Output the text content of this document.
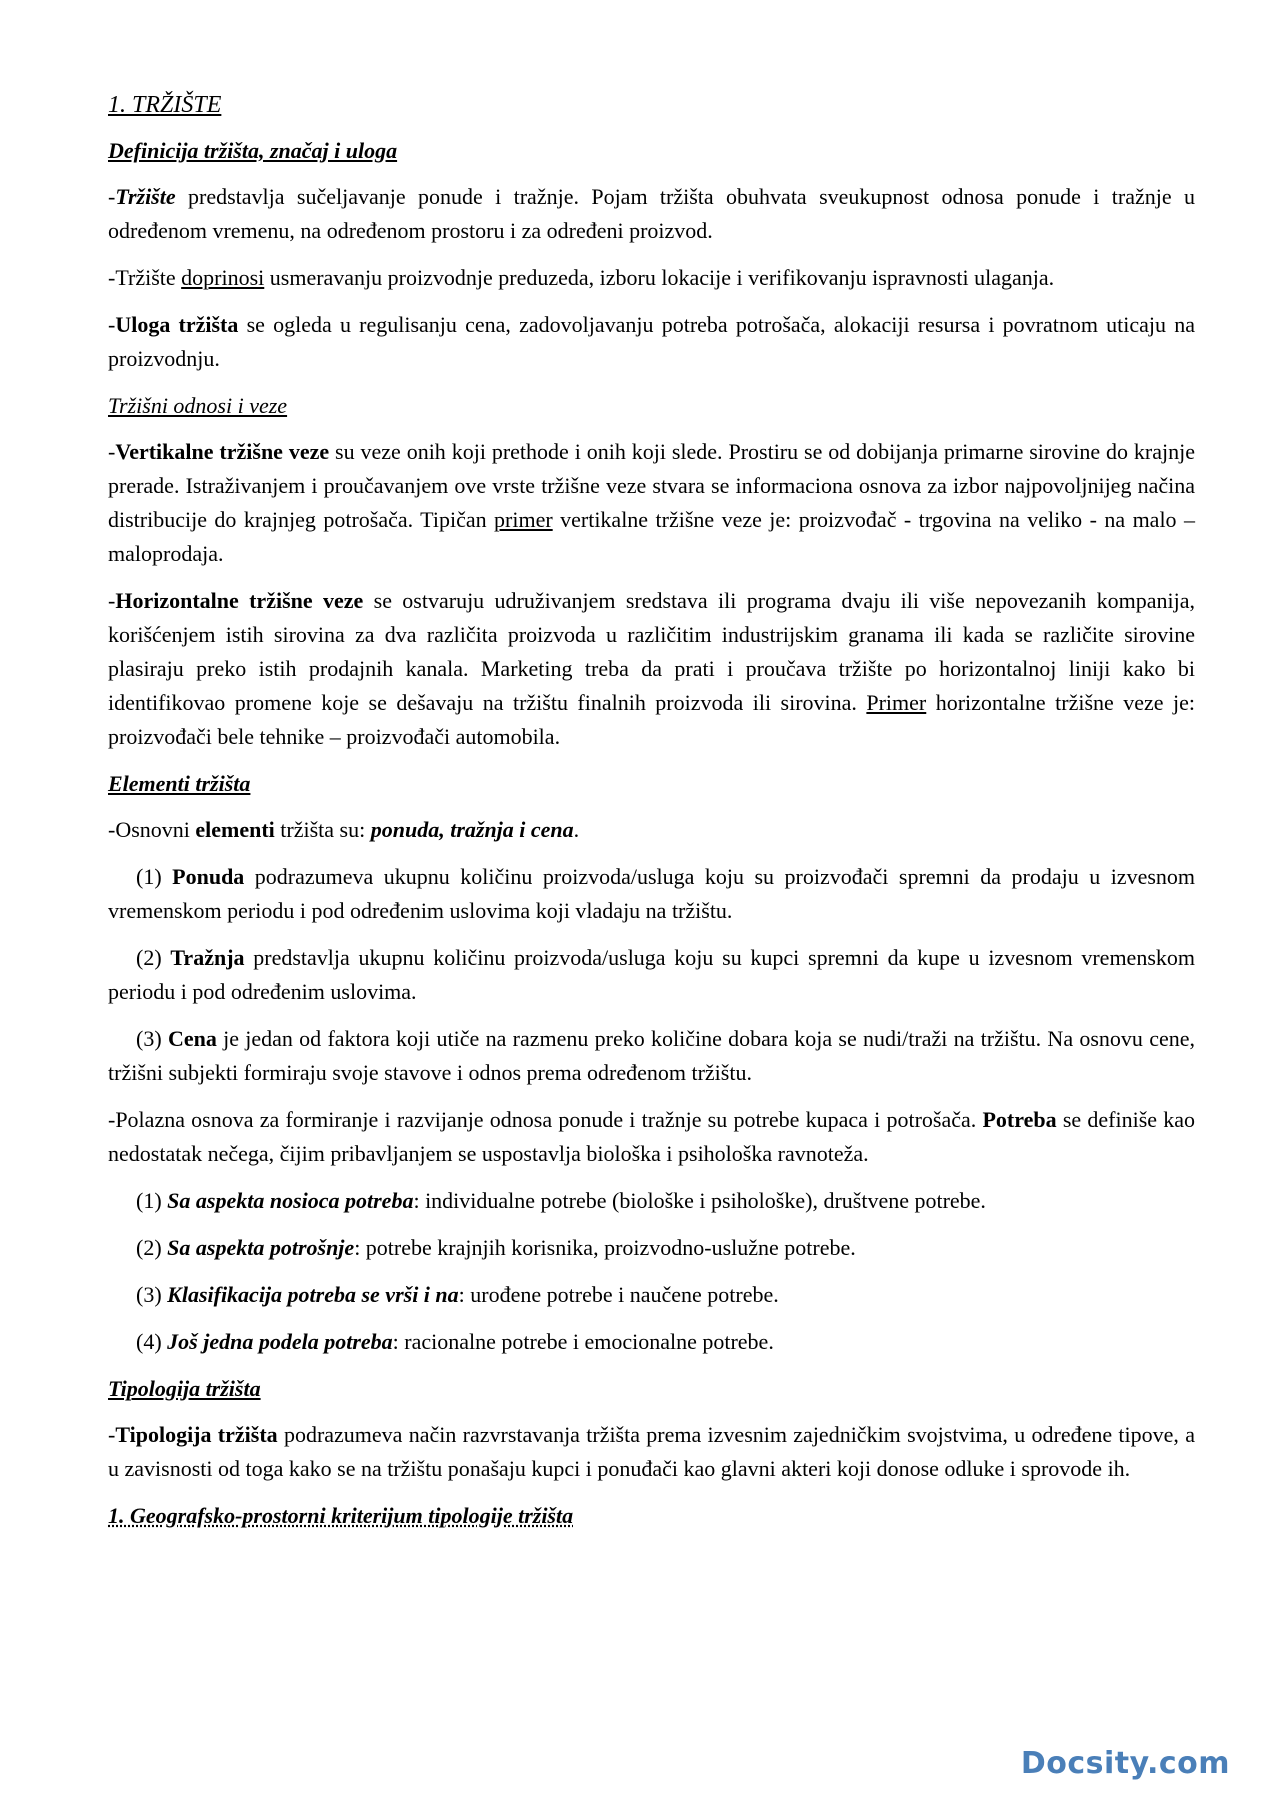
1. TRŽIŠTE

Definicija tržišta, značaj i uloga

-Tržište predstavlja sučeljavanje ponude i tražnje. Pojam tržišta obuhvata sveukupnost odnosa ponude i tražnje u određenom vremenu, na određenom prostoru i za određeni proizvod.

-Tržište doprinosi usmeravanju proizvodnje preduzeda, izboru lokacije i verifikovanju ispravnosti ulaganja.

-Uloga tržišta se ogleda u regulisanju cena, zadovoljavanju potreba potrošača, alokaciji resursa i povratnom uticaju na proizvodnju.

Tržišni odnosi i veze

-Vertikalne tržišne veze su veze onih koji prethode i onih koji slede. Prostiru se od dobijanja primarne sirovine do krajnje prerade. Istraživanjem i proučavanjem ove vrste tržišne veze stvara se informaciona osnova za izbor najpovoljnijeg načina distribucije do krajnjeg potrošača. Tipičan primer vertikalne tržišne veze je: proizvođač - trgovina na veliko - na malo – maloprodaja.

-Horizontalne tržišne veze se ostvaruju udruživanjem sredstava ili programa dvaju ili više nepovezanih kompanija, korišćenjem istih sirovina za dva različita proizvoda u različitim industrijskim granama ili kada se različite sirovine plasiraju preko istih prodajnih kanala. Marketing treba da prati i proučava tržište po horizontalnoj liniji kako bi identifikovao promene koje se dešavaju na tržištu finalnih proizvoda ili sirovina. Primer horizontalne tržišne veze je: proizvođači bele tehnike – proizvođači automobila.

Elementi tržišta

-Osnovni elementi tržišta su: ponuda, tražnja i cena.

(1) Ponuda podrazumeva ukupnu količinu proizvoda/usluga koju su proizvođači spremni da prodaju u izvesnom vremenskom periodu i pod određenim uslovima koji vladaju na tržištu.

(2) Tražnja predstavlja ukupnu količinu proizvoda/usluga koju su kupci spremni da kupe u izvesnom vremenskom periodu i pod određenim uslovima.

(3) Cena je jedan od faktora koji utiče na razmenu preko količine dobara koja se nudi/traži na tržištu. Na osnovu cene, tržišni subjekti formiraju svoje stavove i odnos prema određenom tržištu.

-Polazna osnova za formiranje i razvijanje odnosa ponude i tražnje su potrebe kupaca i potrošača. Potreba se definiše kao nedostatak nečega, čijim pribavljanjem se uspostavlja biološka i psihološka ravnoteža.

(1) Sa aspekta nosioca potreba: individualne potrebe (biološke i psihološke), društvene potrebe.

(2) Sa aspekta potrošnje: potrebe krajnjih korisnika, proizvodno-uslužne potrebe.

(3) Klasifikacija potreba se vrši i na: urođene potrebe i naučene potrebe.

(4) Još jedna podela potreba: racionalne potrebe i emocionalne potrebe.

Tipologija tržišta

-Tipologija tržišta podrazumeva način razvrstavanja tržišta prema izvesnim zajedničkim svojstvima, u određene tipove, a u zavisnosti od toga kako se na tržištu ponašaju kupci i ponuđači kao glavni akteri koji donose odluke i sprovode ih.

1. Geografsko-prostorni kriterijum tipologije tržišta

Docsity.com
